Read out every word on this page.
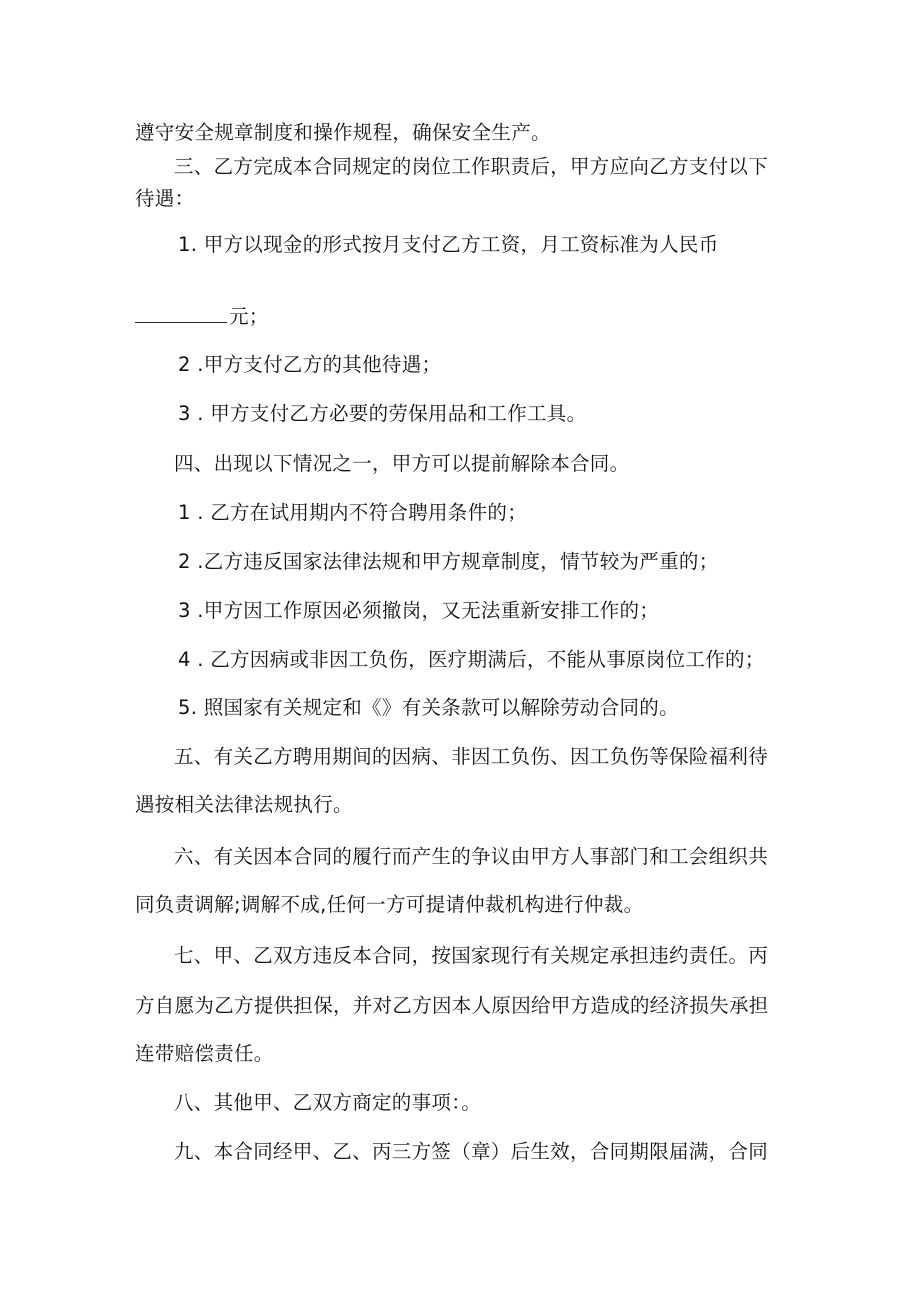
遵守安全规章制度和操作规程，确保安全生产。
三、乙方完成本合同规定的岗位工作职责后，甲方应向乙方支付以下
待遇：
1. 甲方以现金的形式按月支付乙方工资，月工资标准为人民币
元；
2 .甲方支付乙方的其他待遇；
3 . 甲方支付乙方必要的劳保用品和工作工具。
四、出现以下情况之一，甲方可以提前解除本合同。
1 . 乙方在试用期内不符合聘用条件的；
2 .乙方违反国家法律法规和甲方规章制度，情节较为严重的；
3 .甲方因工作原因必须撤岗，又无法重新安排工作的；
4 . 乙方因病或非因工负伤，医疗期满后，不能从事原岗位工作的；
5. 照国家有关规定和《》有关条款可以解除劳动合同的。
五、有关乙方聘用期间的因病、非因工负伤、因工负伤等保险福利待
遇按相关法律法规执行。
六、有关因本合同的履行而产生的争议由甲方人事部门和工会组织共
同负责调解;调解不成,任何一方可提请仲裁机构进行仲裁。
七、甲、乙双方违反本合同，按国家现行有关规定承担违约责任。丙
方自愿为乙方提供担保，并对乙方因本人原因给甲方造成的经济损失承担
连带赔偿责任。
八、其他甲、乙双方商定的事项：。
九、本合同经甲、乙、丙三方签（章）后生效，合同期限届满，合同
